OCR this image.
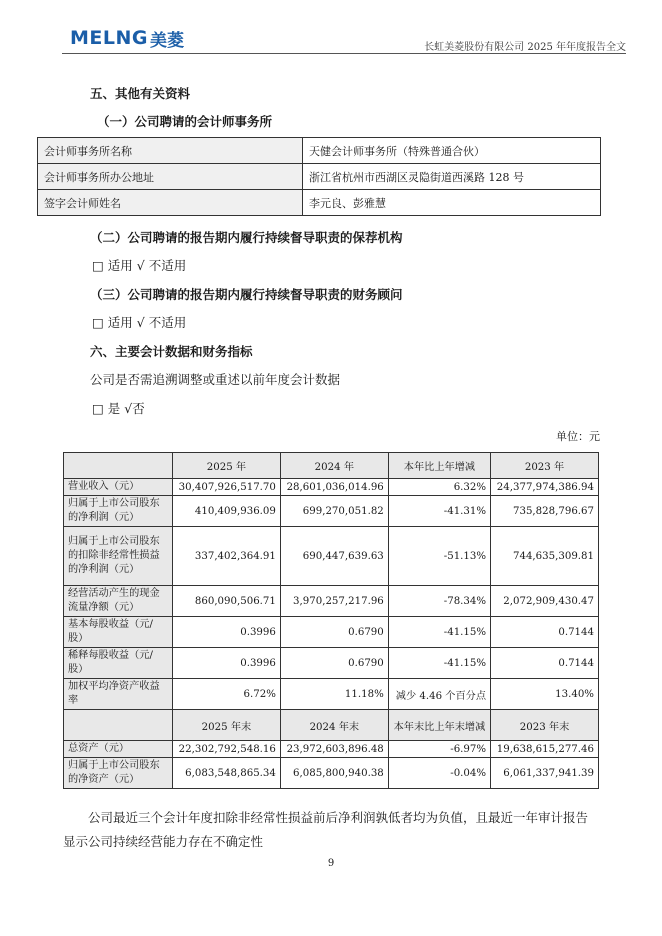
MELNG 美菱	长虹美菱股份有限公司 2025 年年度报告全文
五、其他有关资料
（一）公司聘请的会计师事务所
会计师事务所名称	天健会计师事务所（特殊普通合伙）
会计师事务所办公地址	浙江省杭州市西湖区灵隐街道西溪路 128 号
签字会计师姓名	李元良、彭雅慧
（二）公司聘请的报告期内履行持续督导职责的保荐机构
□ 适用 √ 不适用
（三）公司聘请的报告期内履行持续督导职责的财务顾问
□ 适用 √ 不适用
六、主要会计数据和财务指标
公司是否需追溯调整或重述以前年度会计数据
□ 是 √否
单位：元
	2025 年	2024 年	本年比上年增减	2023 年
营业收入（元）	30,407,926,517.70	28,601,036,014.96	6.32%	24,377,974,386.94
归属于上市公司股东的净利润（元）	410,409,936.09	699,270,051.82	-41.31%	735,828,796.67
归属于上市公司股东的扣除非经常性损益的净利润（元）	337,402,364.91	690,447,639.63	-51.13%	744,635,309.81
经营活动产生的现金流量净额（元）	860,090,506.71	3,970,257,217.96	-78.34%	2,072,909,430.47
基本每股收益（元/股）	0.3996	0.6790	-41.15%	0.7144
稀释每股收益（元/股）	0.3996	0.6790	-41.15%	0.7144
加权平均净资产收益率	6.72%	11.18%	减少 4.46 个百分点	13.40%
	2025 年末	2024 年末	本年末比上年末增减	2023 年末
总资产（元）	22,302,792,548.16	23,972,603,896.48	-6.97%	19,638,615,277.46
归属于上市公司股东的净资产（元）	6,083,548,865.34	6,085,800,940.38	-0.04%	6,061,337,941.39
公司最近三个会计年度扣除非经常性损益前后净利润孰低者均为负值，且最近一年审计报告显示公司持续经营能力存在不确定性
9
